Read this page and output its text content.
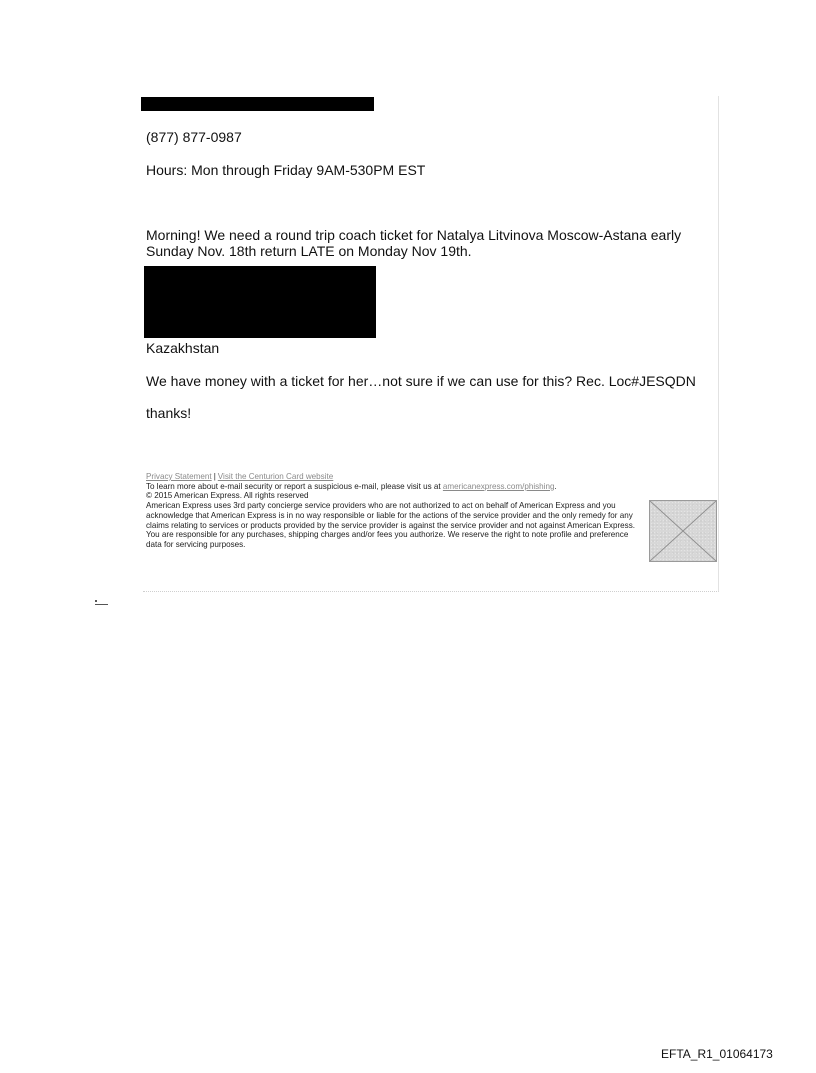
(877) 877-0987
Hours: Mon through Friday 9AM-530PM EST
Morning! We need a round trip coach ticket for Natalya Litvinova Moscow-Astana early Sunday Nov. 18th return LATE on Monday Nov 19th.
Kazakhstan
We have money with a ticket for her…not sure if we can use for this? Rec. Loc#JESQDN
thanks!
Privacy Statement | Visit the Centurion Card website
To learn more about e-mail security or report a suspicious e-mail, please visit us at americanexpress.com/phishing.
© 2015 American Express. All rights reserved
American Express uses 3rd party concierge service providers who are not authorized to act on behalf of American Express and you acknowledge that American Express is in no way responsible or liable for the actions of the service provider and the only remedy for any claims relating to services or products provided by the service provider is against the service provider and not against American Express. You are responsible for any purchases, shipping charges and/or fees you authorize. We reserve the right to note profile and preference data for servicing purposes.
EFTA_R1_01064173
